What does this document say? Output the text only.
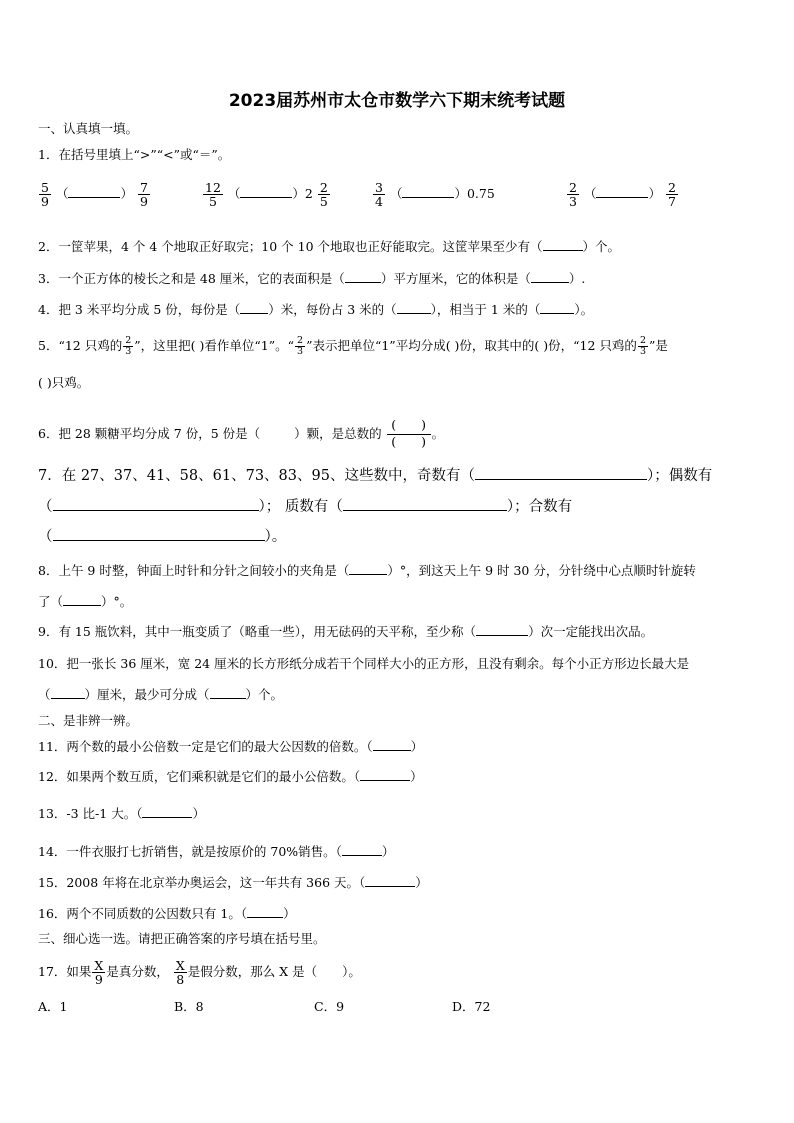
2023届苏州市太仓市数学六下期末统考试题
一、认真填一填。
1．在括号里填上“>”“<”或“＝”。
$\frac{5}{9}$ （	） $\frac{7}{9}$	$\frac{12}{5}$ （	）$2 \frac{2}{5}$	$\frac{3}{4}$ （	）0.75	$\frac{2}{3}$ （	） $\frac{2}{7}$
2．一筐苹果，4 个 4 个地取正好取完；10 个 10 个地取也正好能取完。这筐苹果至少有（	）个。
3．一个正方体的棱长之和是 48 厘米，它的表面积是（	）平方厘米，它的体积是（	）.
4．把 3 米平均分成 5 份，每份是（ ）米，每份占 3 米的（	），相当于 1 米的（	）。
5．“12 只鸡的 $\frac{2}{3}$ ”，这里把( )看作单位“1”。“ $\frac{2}{3}$ ”表示把单位“1”平均分成( )份，取其中的( )份，“12 只鸡的 $\frac{2}{3}$ ”是
( )只鸡。
6．把 28 颗糖平均分成 7 份，5 份是（	）颗，是总数的 $\frac{( )}{( )}$ 。
7．在 27、37、41、58、61、73、83、95、这些数中，奇数有（	）；偶数有
（	）； 质数有（	）；合数有
（	）。
8．上午 9 时整，钟面上时针和分针之间较小的夹角是（	）°，到这天上午 9 时 30 分，分针绕中心点顺时针旋转
了（	）°。
9．有 15 瓶饮料，其中一瓶变质了（略重一些），用无砝码的天平称，至少称（	）次一定能找出次品。
10．把一张长 36 厘米，宽 24 厘米的长方形纸分成若干个同样大小的正方形，且没有剩余。每个小正方形边长最大是
（	）厘米，最少可分成（	）个。
二、是非辨一辨。
11．两个数的最小公倍数一定是它们的最大公因数的倍数。（	）
12．如果两个数互质，它们乘积就是它们的最小公倍数。（	）
13．-3 比-1 大。（	）
14．一件衣服打七折销售，就是按原价的 70%销售。（	）
15．2008 年将在北京举办奥运会，这一年共有 366 天。（	）
16．两个不同质数的公因数只有 1。（	）
三、细心选一选。请把正确答案的序号填在括号里。
17．如果 $\frac{X}{9}$ 是真分数， $\frac{X}{8}$ 是假分数，那么 X 是（　　）。
A．1	B．8	C．9	D．72
